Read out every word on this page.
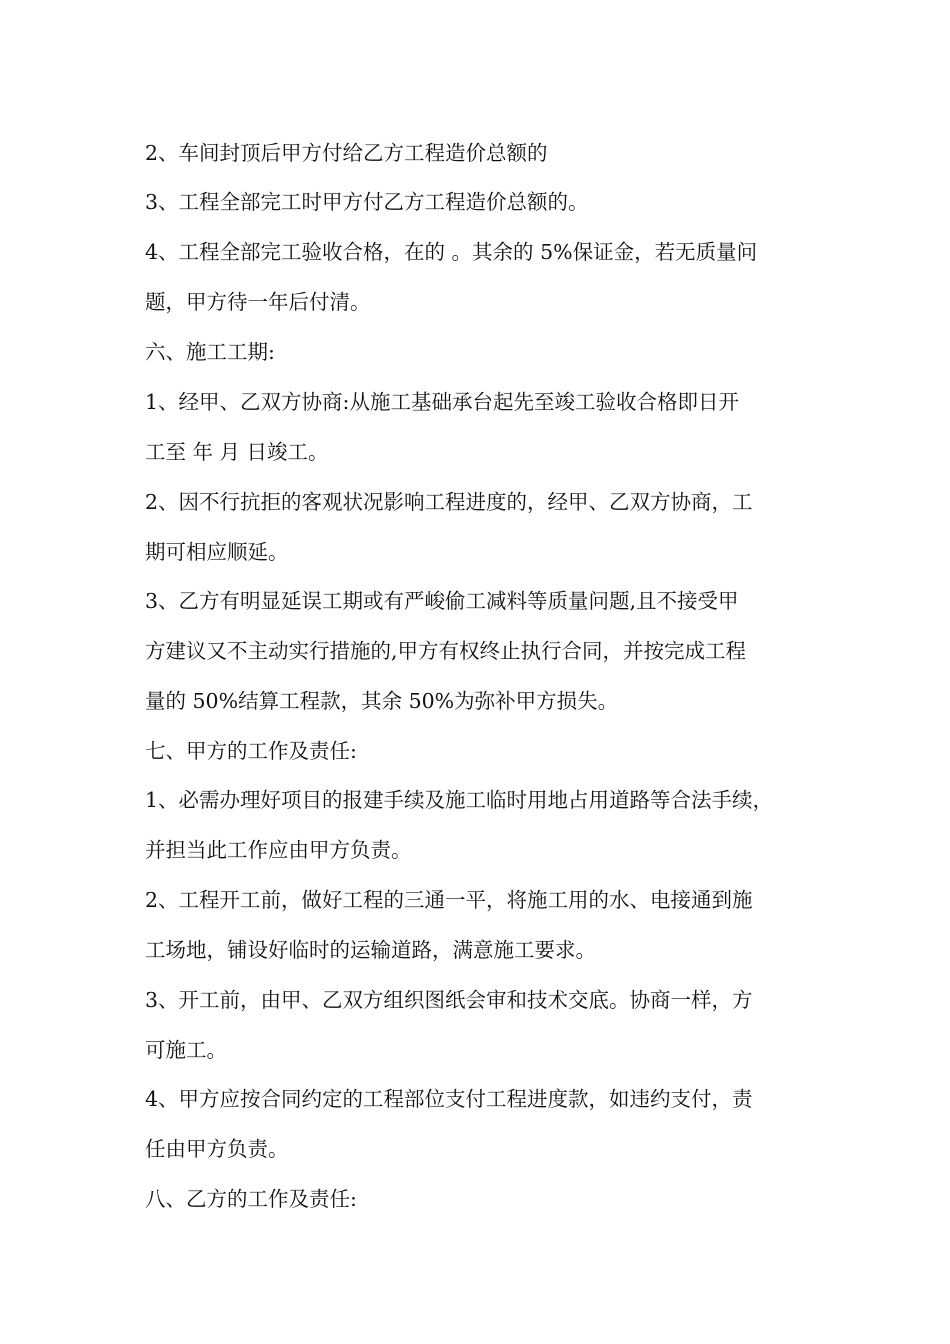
2、车间封顶后甲方付给乙方工程造价总额的

3、工程全部完工时甲方付乙方工程造价总额的。

4、工程全部完工验收合格，在的 。其余的 5%保证金，若无质量问

题，甲方待一年后付清。

六、施工工期:

1、经甲、乙双方协商:从施工基础承台起先至竣工验收合格即日开

工至 年 月 日竣工。

2、因不行抗拒的客观状况影响工程进度的，经甲、乙双方协商，工

期可相应顺延。

3、乙方有明显延误工期或有严峻偷工减料等质量问题,且不接受甲

方建议又不主动实行措施的,甲方有权终止执行合同，并按完成工程

量的 50%结算工程款，其余 50%为弥补甲方损失。

七、甲方的工作及责任:

1、必需办理好项目的报建手续及施工临时用地占用道路等合法手续，

并担当此工作应由甲方负责。

2、工程开工前，做好工程的三通一平，将施工用的水、电接通到施

工场地，铺设好临时的运输道路，满意施工要求。

3、开工前，由甲、乙双方组织图纸会审和技术交底。协商一样，方

可施工。

4、甲方应按合同约定的工程部位支付工程进度款，如违约支付，责

任由甲方负责。

八、乙方的工作及责任:
